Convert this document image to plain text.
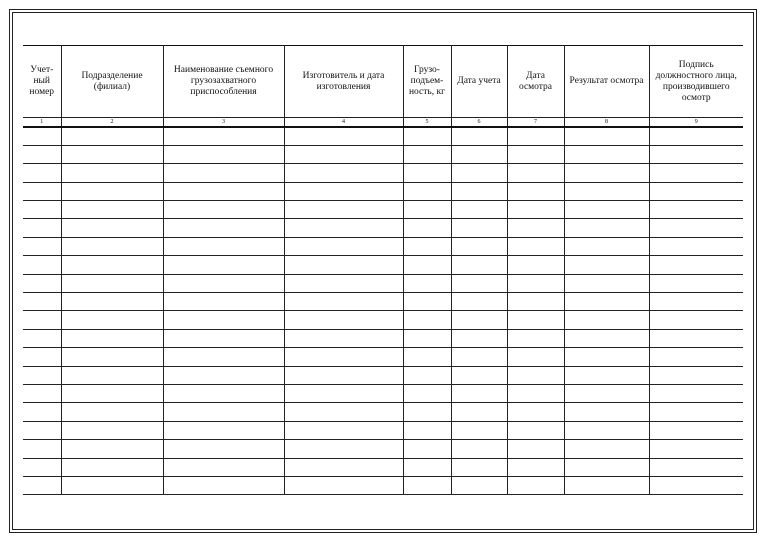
Учет-ный номер	Подразделение (филиал)	Наименование съемного грузозахватного приспособления	Изготовитель и дата изготовления	Грузо-подъем-ность, кг	Дата учета	Дата осмотра	Результат осмотра	Подпись должностного лица, производившего осмотр
1	2	3	4	5	6	7	8	9
